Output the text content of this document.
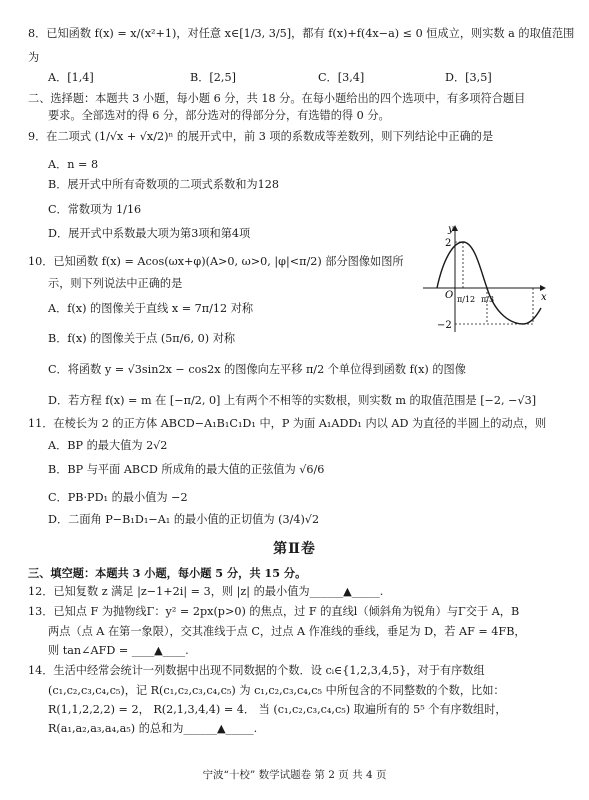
8．已知函数 f(x) = x/(x²+1)，对任意 x∈[1/3, 3/5]，都有 f(x)+f(4x−a) ≤ 0 恒成立，则实数 a 的取值范围
为
A．[1,4]	B．[2,5]	C．[3,4]	D．[3,5]
二、选择题：本题共 3 小题，每小题 6 分，共 18 分。在每小题给出的四个选项中，有多项符合题目
要求。全部选对的得 6 分，部分选对的得部分分，有选错的得 0 分。
9．在二项式 (1/√x + √x/2)ⁿ 的展开式中，前 3 项的系数成等差数列，则下列结论中正确的是
A．n = 8
B．展开式中所有奇数项的二项式系数和为128
C．常数项为 1/16
D．展开式中系数最大项为第3项和第4项
10．已知函数 f(x) = Acos(ωx+φ)(A>0, ω>0, |φ|<π/2) 部分图像如图所
示，则下列说法中正确的是
A．f(x) 的图像关于直线 x = 7π/12 对称
B．f(x) 的图像关于点 (5π/6, 0) 对称
C．将函数 y = √3sin2x − cos2x 的图像向左平移 π/2 个单位得到函数 f(x) 的图像
D．若方程 f(x) = m 在 [−π/2, 0] 上有两个不相等的实数根，则实数 m 的取值范围是 [−2, −√3]
y
x
O
2
−2
π/12 π/3
11．在棱长为 2 的正方体 ABCD−A₁B₁C₁D₁ 中，P 为面 A₁ADD₁ 内以 AD 为直径的半圆上的动点，则
A．BP 的最大值为 2√2
B．BP 与平面 ABCD 所成角的最大值的正弦值为 √6/6
C．PB·PD₁ 的最小值为 −2
D．二面角 P−B₁D₁−A₁ 的最小值的正切值为 (3/4)√2
第Ⅱ卷
三、填空题：本题共 3 小题，每小题 5 分，共 15 分。
12．已知复数 z 满足 |z−1+2i| = 3，则 |z| 的最小值为______▲_____.
13．已知点 F 为抛物线Γ：y² = 2px(p>0) 的焦点，过 F 的直线l（倾斜角为锐角）与Γ交于 A，B
两点（点 A 在第一象限），交其准线于点 C，过点 A 作准线的垂线，垂足为 D，若 AF = 4FB，
则 tan∠AFD = ____▲____.
14．生活中经常会统计一列数据中出现不同数据的个数．设 cᵢ∈{1,2,3,4,5}，对于有序数组
(c₁,c₂,c₃,c₄,c₅)，记 R(c₁,c₂,c₃,c₄,c₅) 为 c₁,c₂,c₃,c₄,c₅ 中所包含的不同整数的个数，比如：
R(1,1,2,2,2) = 2， R(2,1,3,4,4) = 4． 当 (c₁,c₂,c₃,c₄,c₅) 取遍所有的 5⁵ 个有序数组时，
R(a₁,a₂,a₃,a₄,a₅) 的总和为______▲_____.
宁波“十校” 数学试题卷 第 2 页 共 4 页
